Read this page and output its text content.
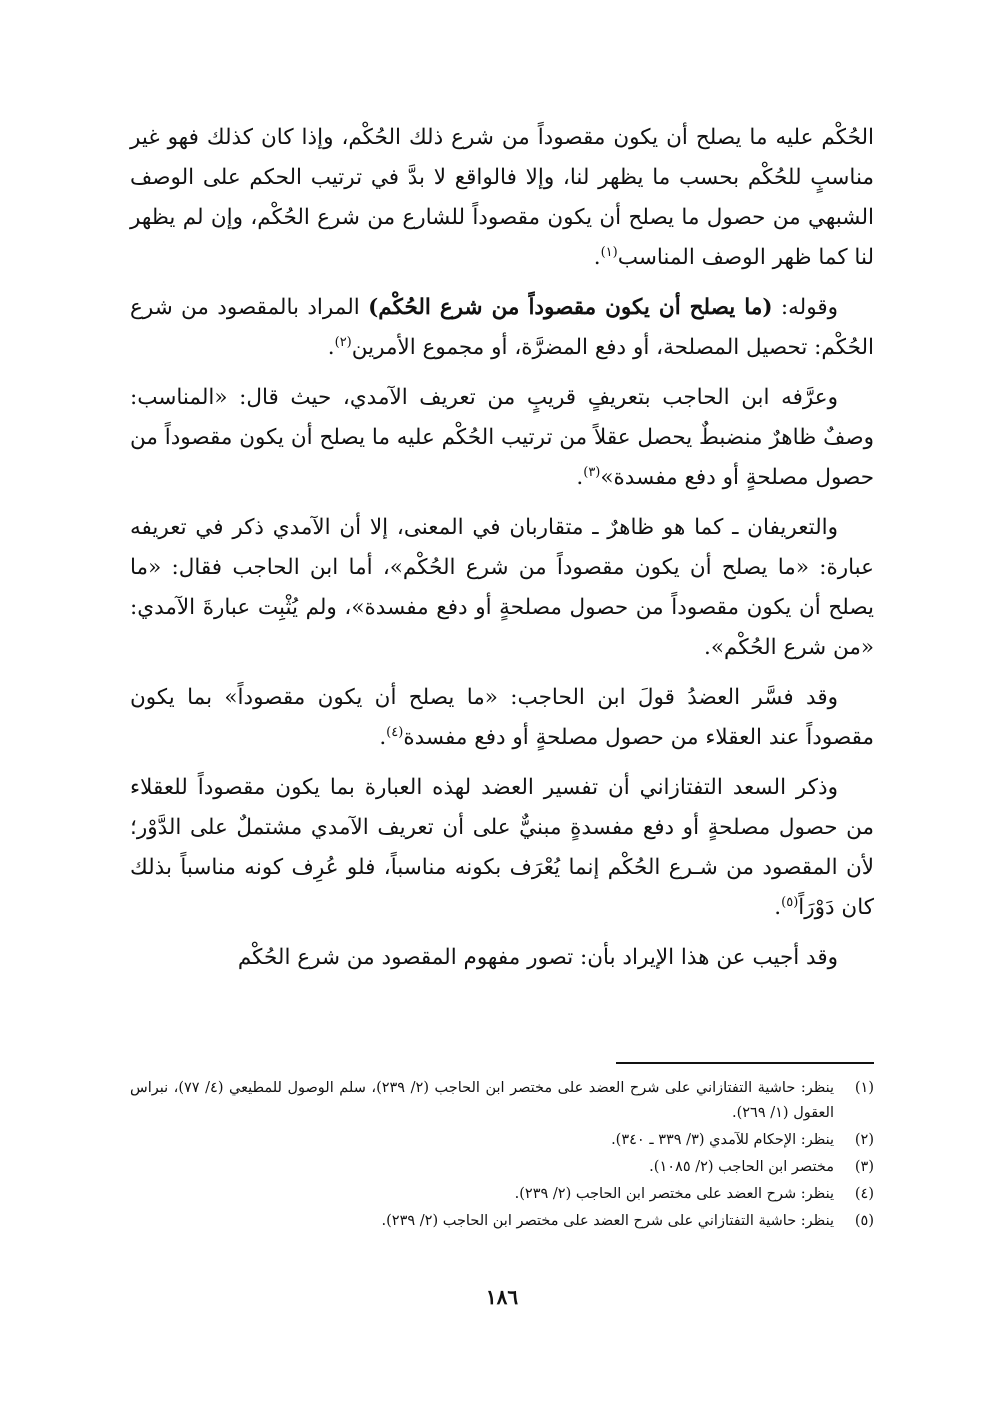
الحُكْم عليه ما يصلح أن يكون مقصوداً من شرع ذلك الحُكْم، وإذا كان كذلك فهو غير مناسبٍ للحُكْم بحسب ما يظهر لنا، وإلا فالواقع لا بدَّ في ترتيب الحكم على الوصف الشبهي من حصول ما يصلح أن يكون مقصوداً للشارع من شرع الحُكْم، وإن لم يظهر لنا كما ظهر الوصف المناسب$^{(١)}$.

وقوله: (ما يصلح أن يكون مقصوداً من شرع الحُكْم) المراد بالمقصود من شرع الحُكْم: تحصيل المصلحة، أو دفع المضرَّة، أو مجموع الأمرين$^{(٢)}$.

وعرَّفه ابن الحاجب بتعريفٍ قريبٍ من تعريف الآمدي، حيث قال: «المناسب: وصفٌ ظاهرٌ منضبطٌ يحصل عقلاً من ترتيب الحُكْم عليه ما يصلح أن يكون مقصوداً من حصول مصلحةٍ أو دفع مفسدة»$^{(٣)}$.

والتعريفان ـ كما هو ظاهرٌ ـ متقاربان في المعنى، إلا أن الآمدي ذكر في تعريفه عبارة: «ما يصلح أن يكون مقصوداً من شرع الحُكْم»، أما ابن الحاجب فقال: «ما يصلح أن يكون مقصوداً من حصول مصلحةٍ أو دفع مفسدة»، ولم يُثْبِت عبارةَ الآمدي: «من شرع الحُكْم».

وقد فسَّر العضدُ قولَ ابن الحاجب: «ما يصلح أن يكون مقصوداً» بما يكون مقصوداً عند العقلاء من حصول مصلحةٍ أو دفع مفسدة$^{(٤)}$.

وذكر السعد التفتازاني أن تفسير العضد لهذه العبارة بما يكون مقصوداً للعقلاء من حصول مصلحةٍ أو دفع مفسدةٍ مبنيٌّ على أن تعريف الآمدي مشتملٌ على الدَّوْر؛ لأن المقصود من شـرع الحُكْم إنما يُعْرَف بكونه مناسباً، فلو عُرِف كونه مناسباً بذلك كان دَوْرَاً$^{(٥)}$.

وقد أجيب عن هذا الإيراد بأن: تصور مفهوم المقصود من شرع الحُكْم

(١)
ينظر: حاشية التفتازاني على شرح العضد على مختصر ابن الحاجب (٢/ ٢٣٩)، سلم الوصول للمطيعي (٤/ ٧٧)، نبراس العقول (١/ ٢٦٩).
(٢)
ينظر: الإحكام للآمدي (٣/ ٣٣٩ ـ ٣٤٠).
(٣)
مختصر ابن الحاجب (٢/ ١٠٨٥).
(٤)
ينظر: شرح العضد على مختصر ابن الحاجب (٢/ ٢٣٩).
(٥)
ينظر: حاشية التفتازاني على شرح العضد على مختصر ابن الحاجب (٢/ ٢٣٩).
١٨٦
